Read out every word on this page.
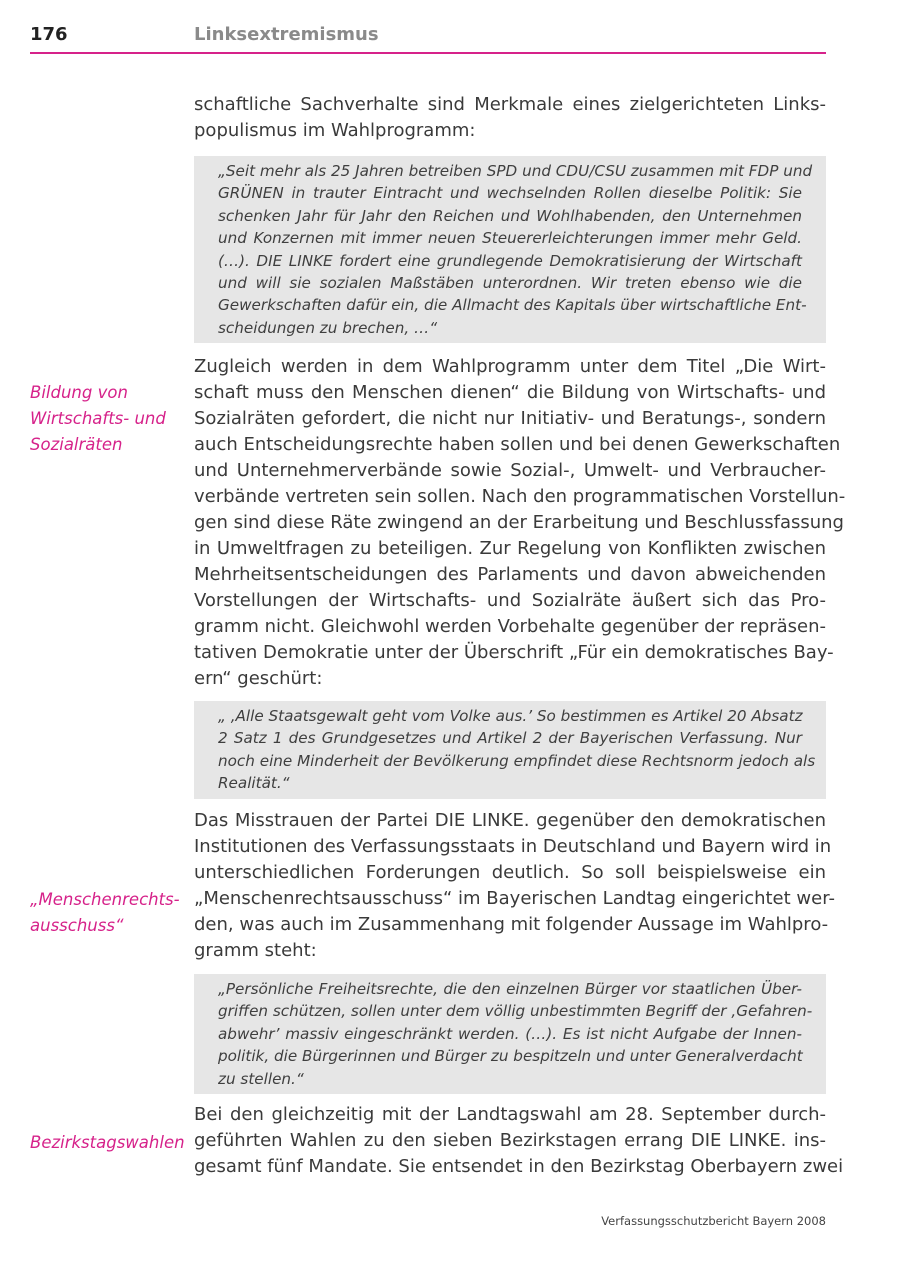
176	Linksextremismus
schaftliche Sachverhalte sind Merkmale eines zielgerichteten Links-
populismus im Wahlprogramm:
„Seit mehr als 25 Jahren betreiben SPD und CDU/CSU zusammen mit FDP und
GRÜNEN in trauter Eintracht und wechselnden Rollen dieselbe Politik: Sie
schenken Jahr für Jahr den Reichen und Wohlhabenden, den Unternehmen
und Konzernen mit immer neuen Steuererleichterungen immer mehr Geld.
(…). DIE LINKE fordert eine grundlegende Demokratisierung der Wirtschaft
und will sie sozialen Maßstäben unterordnen. Wir treten ebenso wie die
Gewerkschaften dafür ein, die Allmacht des Kapitals über wirtschaftliche Ent-
scheidungen zu brechen, …“
Bildung von
Wirtschafts- und
Sozialräten
Zugleich werden in dem Wahlprogramm unter dem Titel „Die Wirt-
schaft muss den Menschen dienen“ die Bildung von Wirtschafts- und
Sozialräten gefordert, die nicht nur Initiativ- und Beratungs-, sondern
auch Entscheidungsrechte haben sollen und bei denen Gewerkschaften
und Unternehmerverbände sowie Sozial-, Umwelt- und Verbraucher-
verbände vertreten sein sollen. Nach den programmatischen Vorstellun-
gen sind diese Räte zwingend an der Erarbeitung und Beschlussfassung
in Umweltfragen zu beteiligen. Zur Regelung von Konflikten zwischen
Mehrheitsentscheidungen des Parlaments und davon abweichenden
Vorstellungen der Wirtschafts- und Sozialräte äußert sich das Pro-
gramm nicht. Gleichwohl werden Vorbehalte gegenüber der repräsen-
tativen Demokratie unter der Überschrift „Für ein demokratisches Bay-
ern“ geschürt:
„ ‚Alle Staatsgewalt geht vom Volke aus.’ So bestimmen es Artikel 20 Absatz
2 Satz 1 des Grundgesetzes und Artikel 2 der Bayerischen Verfassung. Nur
noch eine Minderheit der Bevölkerung empfindet diese Rechtsnorm jedoch als
Realität.“
„Menschenrechts-
ausschuss“
Das Misstrauen der Partei DIE LINKE. gegenüber den demokratischen
Institutionen des Verfassungsstaats in Deutschland und Bayern wird in
unterschiedlichen Forderungen deutlich. So soll beispielsweise ein
„Menschenrechtsausschuss“ im Bayerischen Landtag eingerichtet wer-
den, was auch im Zusammenhang mit folgender Aussage im Wahlpro-
gramm steht:
„Persönliche Freiheitsrechte, die den einzelnen Bürger vor staatlichen Über-
griffen schützen, sollen unter dem völlig unbestimmten Begriff der ‚Gefahren-
abwehr’ massiv eingeschränkt werden. (…). Es ist nicht Aufgabe der Innen-
politik, die Bürgerinnen und Bürger zu bespitzeln und unter Generalverdacht
zu stellen.“
Bezirkstagswahlen
Bei den gleichzeitig mit der Landtagswahl am 28. September durch-
geführten Wahlen zu den sieben Bezirkstagen errang DIE LINKE. ins-
gesamt fünf Mandate. Sie entsendet in den Bezirkstag Oberbayern zwei
Verfassungsschutzbericht Bayern 2008
